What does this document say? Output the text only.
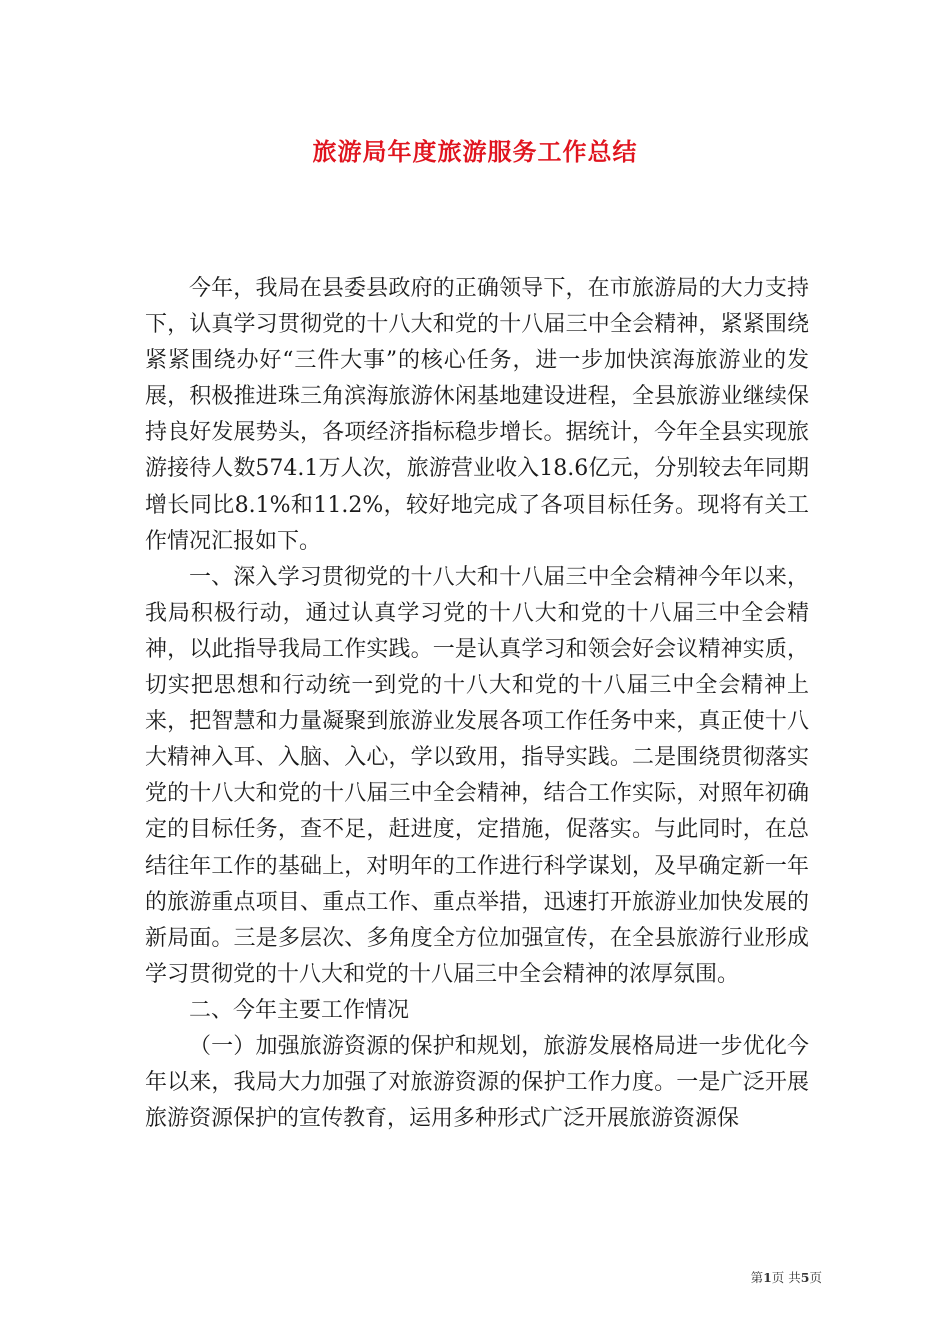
旅游局年度旅游服务工作总结

今年，我局在县委县政府的正确领导下，在市旅游局的大力支持下，认真学习贯彻党的十八大和党的十八届三中全会精神，紧紧围绕紧紧围绕办好“三件大事”的核心任务，进一步加快滨海旅游业的发展，积极推进珠三角滨海旅游休闲基地建设进程，全县旅游业继续保持良好发展势头，各项经济指标稳步增长。据统计，今年全县实现旅游接待人数574.1万人次，旅游营业收入18.6亿元，分别较去年同期增长同比8.1%和11.2%，较好地完成了各项目标任务。现将有关工作情况汇报如下。

一、深入学习贯彻党的十八大和十八届三中全会精神今年以来，我局积极行动，通过认真学习党的十八大和党的十八届三中全会精神，以此指导我局工作实践。一是认真学习和领会好会议精神实质，切实把思想和行动统一到党的十八大和党的十八届三中全会精神上来，把智慧和力量凝聚到旅游业发展各项工作任务中来，真正使十八大精神入耳、入脑、入心，学以致用，指导实践。二是围绕贯彻落实党的十八大和党的十八届三中全会精神，结合工作实际，对照年初确定的目标任务，查不足，赶进度，定措施，促落实。与此同时，在总结往年工作的基础上，对明年的工作进行科学谋划，及早确定新一年的旅游重点项目、重点工作、重点举措，迅速打开旅游业加快发展的新局面。三是多层次、多角度全方位加强宣传，在全县旅游行业形成学习贯彻党的十八大和党的十八届三中全会精神的浓厚氛围。

二、今年主要工作情况

（一）加强旅游资源的保护和规划，旅游发展格局进一步优化今年以来，我局大力加强了对旅游资源的保护工作力度。一是广泛开展旅游资源保护的宣传教育，运用多种形式广泛开展旅游资源保

第1页 共5页
